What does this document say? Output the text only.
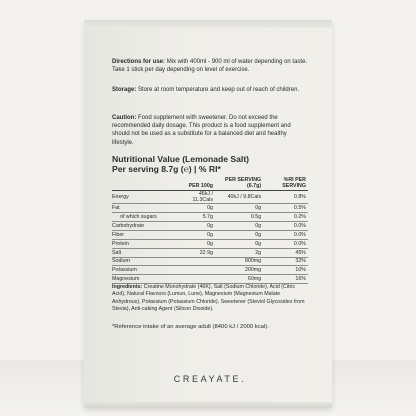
Directions for use: Mix with 400ml - 900 ml of water depending on taste. Take 1 stick per day depending on level of exercise.

Storage: Store at room temperature and keep out of reach of children.

Caution: Food supplement with sweetener. Do not exceed the recommended daily dosage. This product is a food supplement and should not be used as a substitute for a balanced diet and healthy lifestyle.

Nutritional Value (Lemonade Salt)
Per serving 8.7g (℮) | % RI*
	PER 100g	PER SERVING (6.7g)	%RI PER SERVING
Energy	46kJ / 11.3Cals	40kJ / 9.8Cals	0.8%
Fat	0g	0g	0.5%
of which sugars	5.7g	0.5g	0.2%
Carbohydrate	0g	0g	0.0%
Fiber	0g	0g	0.0%
Protein	0g	0g	0.0%
Salt	22.9g	2g	45%
Sodium		800mg	32%
Potassium		200mg	10%
Magnesium		60mg	16%

Ingredients: Creatine Monohydrate (46K), Salt (Sodium Chloride), Acid (Citric Acid), Natural Flavours (Lumun, Lune), Magnesium (Magnesium Malate Anhydrous), Potassium (Potassium Chloride), Sweetener (Steviol Glycosides from Stevia), Anti-caking Agent (Silicon Dioxide).

*Reference intake of an average adult (8400 kJ / 2000 kcal).

CREAYATE.
